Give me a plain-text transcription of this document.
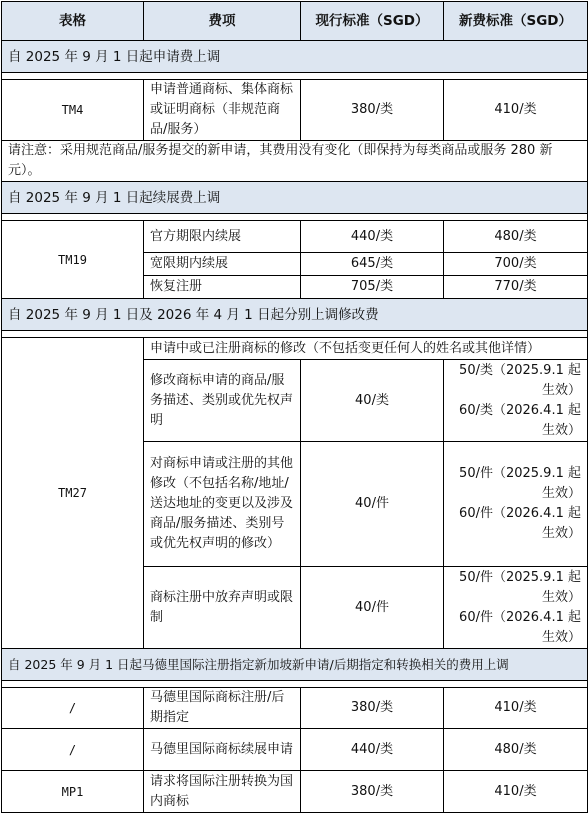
表格	费项	现行标准（SGD）	新费标准（SGD）
自 2025 年 9 月 1 日起申请费上调			

TM4	申请普通商标、集体商标或证明商标（非规范商品/服务）	380/类	410/类
请注意：采用规范商品/服务提交的新申请，其费用没有变化（即保持为每类商品或服务 280 新元）。			
自 2025 年 9 月 1 日起续展费上调			

TM19	官方期限内续展	440/类	480/类
	宽限期内续展	645/类	700/类
	恢复注册	705/类	770/类
自 2025 年 9 月 1 日及 2026 年 4 月 1 日起分别上调修改费			

TM27	申请中或已注册商标的修改（不包括变更任何人的姓名或其他详情）		
	修改商标申请的商品/服务描述、类别或优先权声明	40/类	50/类（2025.9.1 起生效）
60/类（2026.4.1 起生效）

	对商标申请或注册的其他修改（不包括名称/地址/送达地址的变更以及涉及商品/服务描述、类别号或优先权声明的修改）	40/件	50/件（2025.9.1 起生效）
60/件（2026.4.1 起生效）

	商标注册中放弃声明或限制	40/件	50/件（2025.9.1 起生效）
60/件（2026.4.1 起生效）

自 2025 年 9 月 1 日起马德里国际注册指定新加坡新申请/后期指定和转换相关的费用上调			

/	马德里国际商标注册/后期指定	380/类	410/类
/	马德里国际商标续展申请	440/类	480/类
MP1	请求将国际注册转换为国内商标	380/类	410/类
